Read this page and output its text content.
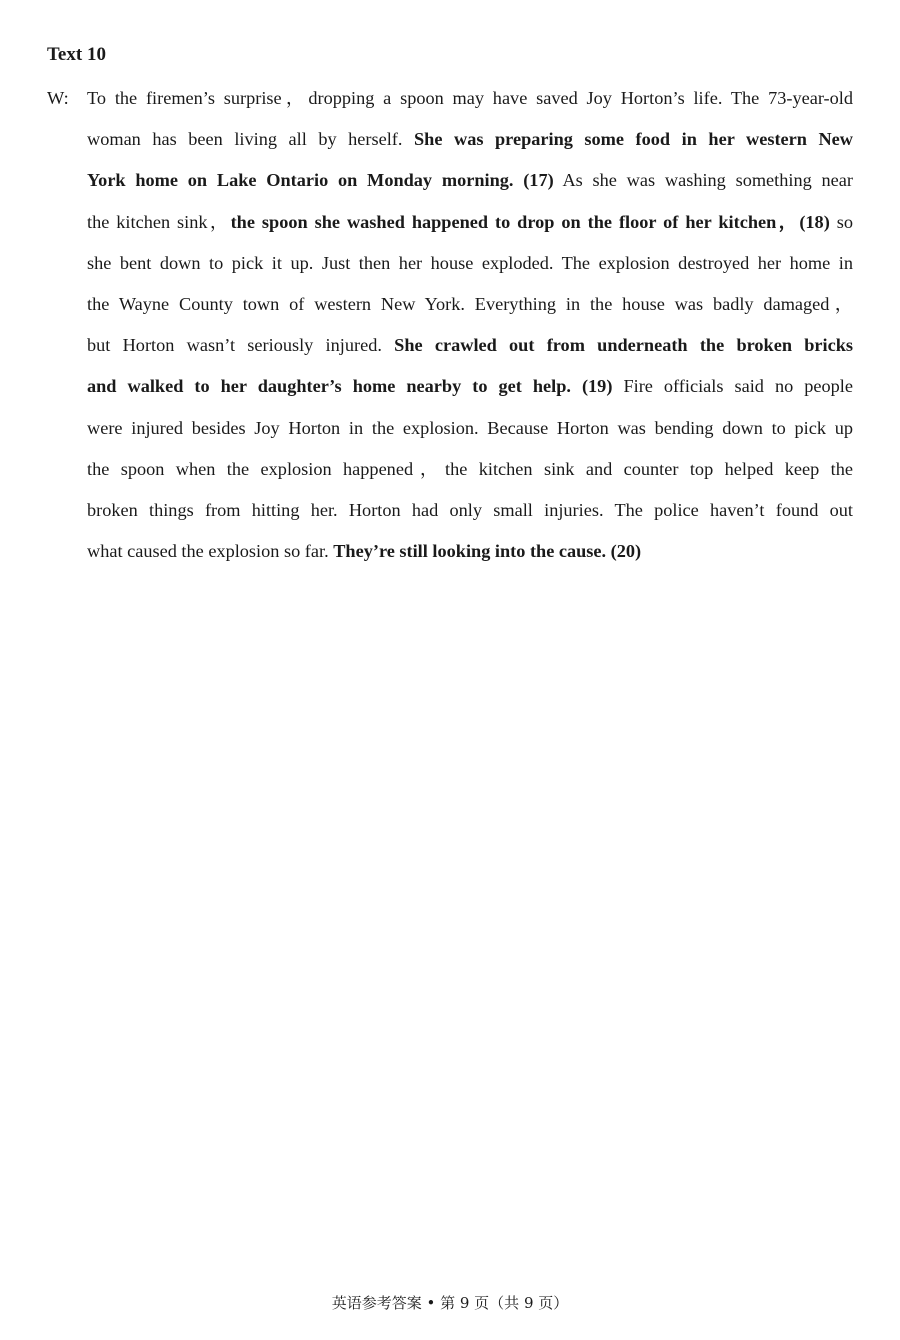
Text 10
W: To the firemen’s surprise，dropping a spoon may have saved Joy Horton’s life. The 73-year-old
woman has been living all by herself. She was preparing some food in her western New
York home on Lake Ontario on Monday morning. (17) As she was washing something near
the kitchen sink，the spoon she washed happened to drop on the floor of her kitchen，(18) so
she bent down to pick it up. Just then her house exploded. The explosion destroyed her home in
the Wayne County town of western New York. Everything in the house was badly damaged，
but Horton wasn’t seriously injured. She crawled out from underneath the broken bricks
and walked to her daughter’s home nearby to get help. (19) Fire officials said no people
were injured besides Joy Horton in the explosion. Because Horton was bending down to pick up
the spoon when the explosion happened，the kitchen sink and counter top helped keep the
broken things from hitting her. Horton had only small injuries. The police haven’t found out
what caused the explosion so far. They’re still looking into the cause. (20)
英语参考答案 • 第 9 页（共 9 页）
